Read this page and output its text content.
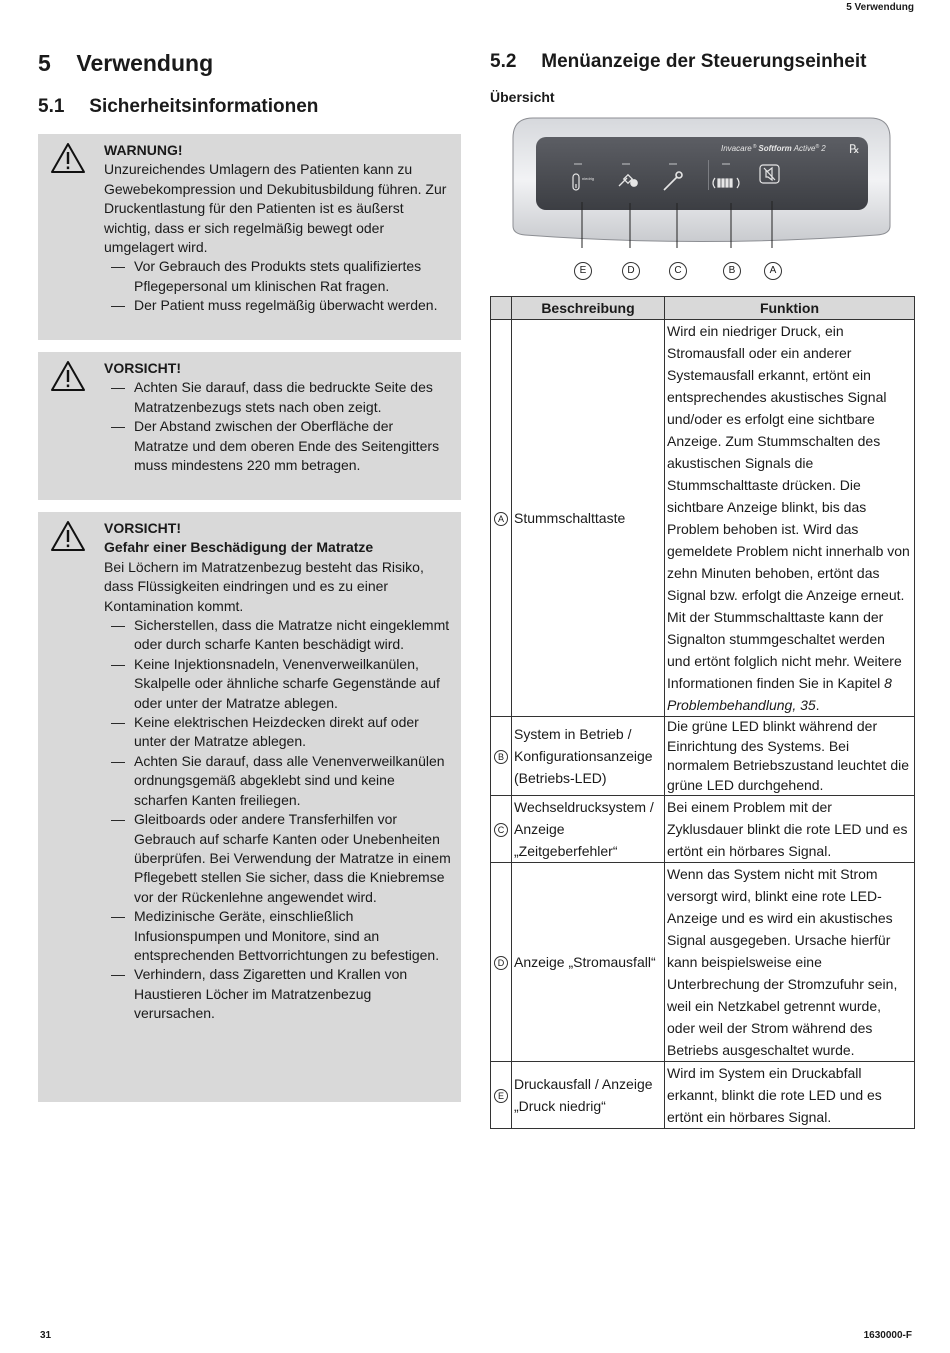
5 Verwendung
5 Verwendung
5.1 Sicherheitsinformationen
5.2 Menüanzeige der Steuerungseinheit
Übersicht
WARNUNG!
Unzureichendes Umlagern des Patienten kann zu Gewebekompression und Dekubitusbildung führen. Zur Druckentlastung für den Patienten ist es äußerst wichtig, dass er sich regelmäßig bewegt oder umgelagert wird.
— Vor Gebrauch des Produkts stets qualifiziertes Pflegepersonal um klinischen Rat fragen.
— Der Patient muss regelmäßig überwacht werden.
VORSICHT!
— Achten Sie darauf, dass die bedruckte Seite des Matratzenbezugs stets nach oben zeigt.
— Der Abstand zwischen der Oberfläche der Matratze und dem oberen Ende des Seitengitters muss mindestens 220 mm betragen.
VORSICHT!
Gefahr einer Beschädigung der Matratze
Bei Löchern im Matratzenbezug besteht das Risiko, dass Flüssigkeiten eindringen und es zu einer Kontamination kommt.
— Sicherstellen, dass die Matratze nicht eingeklemmt oder durch scharfe Kanten beschädigt wird.
— Keine Injektionsnadeln, Venenverweilkanülen, Skalpelle oder ähnliche scharfe Gegenstände auf oder unter der Matratze ablegen.
— Keine elektrischen Heizdecken direkt auf oder unter der Matratze ablegen.
— Achten Sie darauf, dass alle Venenverweilkanülen ordnungsgemäß abgeklebt sind und keine scharfen Kanten freiliegen.
— Gleitboards oder andere Transferhilfen vor Gebrauch auf scharfe Kanten oder Unebenheiten überprüfen. Bei Verwendung der Matratze in einem Pflegebett stellen Sie sicher, dass die Kniebremse vor der Rückenlehne angewendet wird.
— Medizinische Geräte, einschließlich Infusionspumpen und Monitore, sind an entsprechenden Bettvorrichtungen zu befestigen.
— Verhindern, dass Zigaretten und Krallen von Haustieren Löcher im Matratzenbezug verursachen.
Invacare® Softform Active® 2 ℞
niedrig
E	D	C	B	A
	Beschreibung	Funktion
A	Stummschalttaste	Wird ein niedriger Druck, ein Stromausfall oder ein anderer Systemausfall erkannt, ertönt ein entsprechendes akustisches Signal und/oder es erfolgt eine sichtbare Anzeige. Zum Stummschalten des akustischen Signals die Stummschalttaste drücken. Die sichtbare Anzeige blinkt, bis das Problem behoben ist. Wird das gemeldete Problem nicht innerhalb von zehn Minuten behoben, ertönt das Signal bzw. erfolgt die Anzeige erneut. Mit der Stummschalttaste kann der Signalton stummgeschaltet werden und ertönt folglich nicht mehr. Weitere Informationen finden Sie in Kapitel 8 Problembehandlung, 35.
B	System in Betrieb / Konfigurationsanzeige (Betriebs-LED)	Die grüne LED blinkt während der Einrichtung des Systems. Bei normalem Betriebszustand leuchtet die grüne LED durchgehend.
C	Wechseldrucksystem / Anzeige „Zeitgeberfehler“	Bei einem Problem mit der Zyklusdauer blinkt die rote LED und es ertönt ein hörbares Signal.
D	Anzeige „Stromausfall“	Wenn das System nicht mit Strom versorgt wird, blinkt eine rote LED-Anzeige und es wird ein akustisches Signal ausgegeben. Ursache hierfür kann beispielsweise eine Unterbrechung der Stromzufuhr sein, weil ein Netzkabel getrennt wurde, oder weil der Strom während des Betriebs ausgeschaltet wurde.
E	Druckausfall / Anzeige „Druck niedrig“	Wird im System ein Druckabfall erkannt, blinkt die rote LED und es ertönt ein hörbares Signal.
31	1630000-F
